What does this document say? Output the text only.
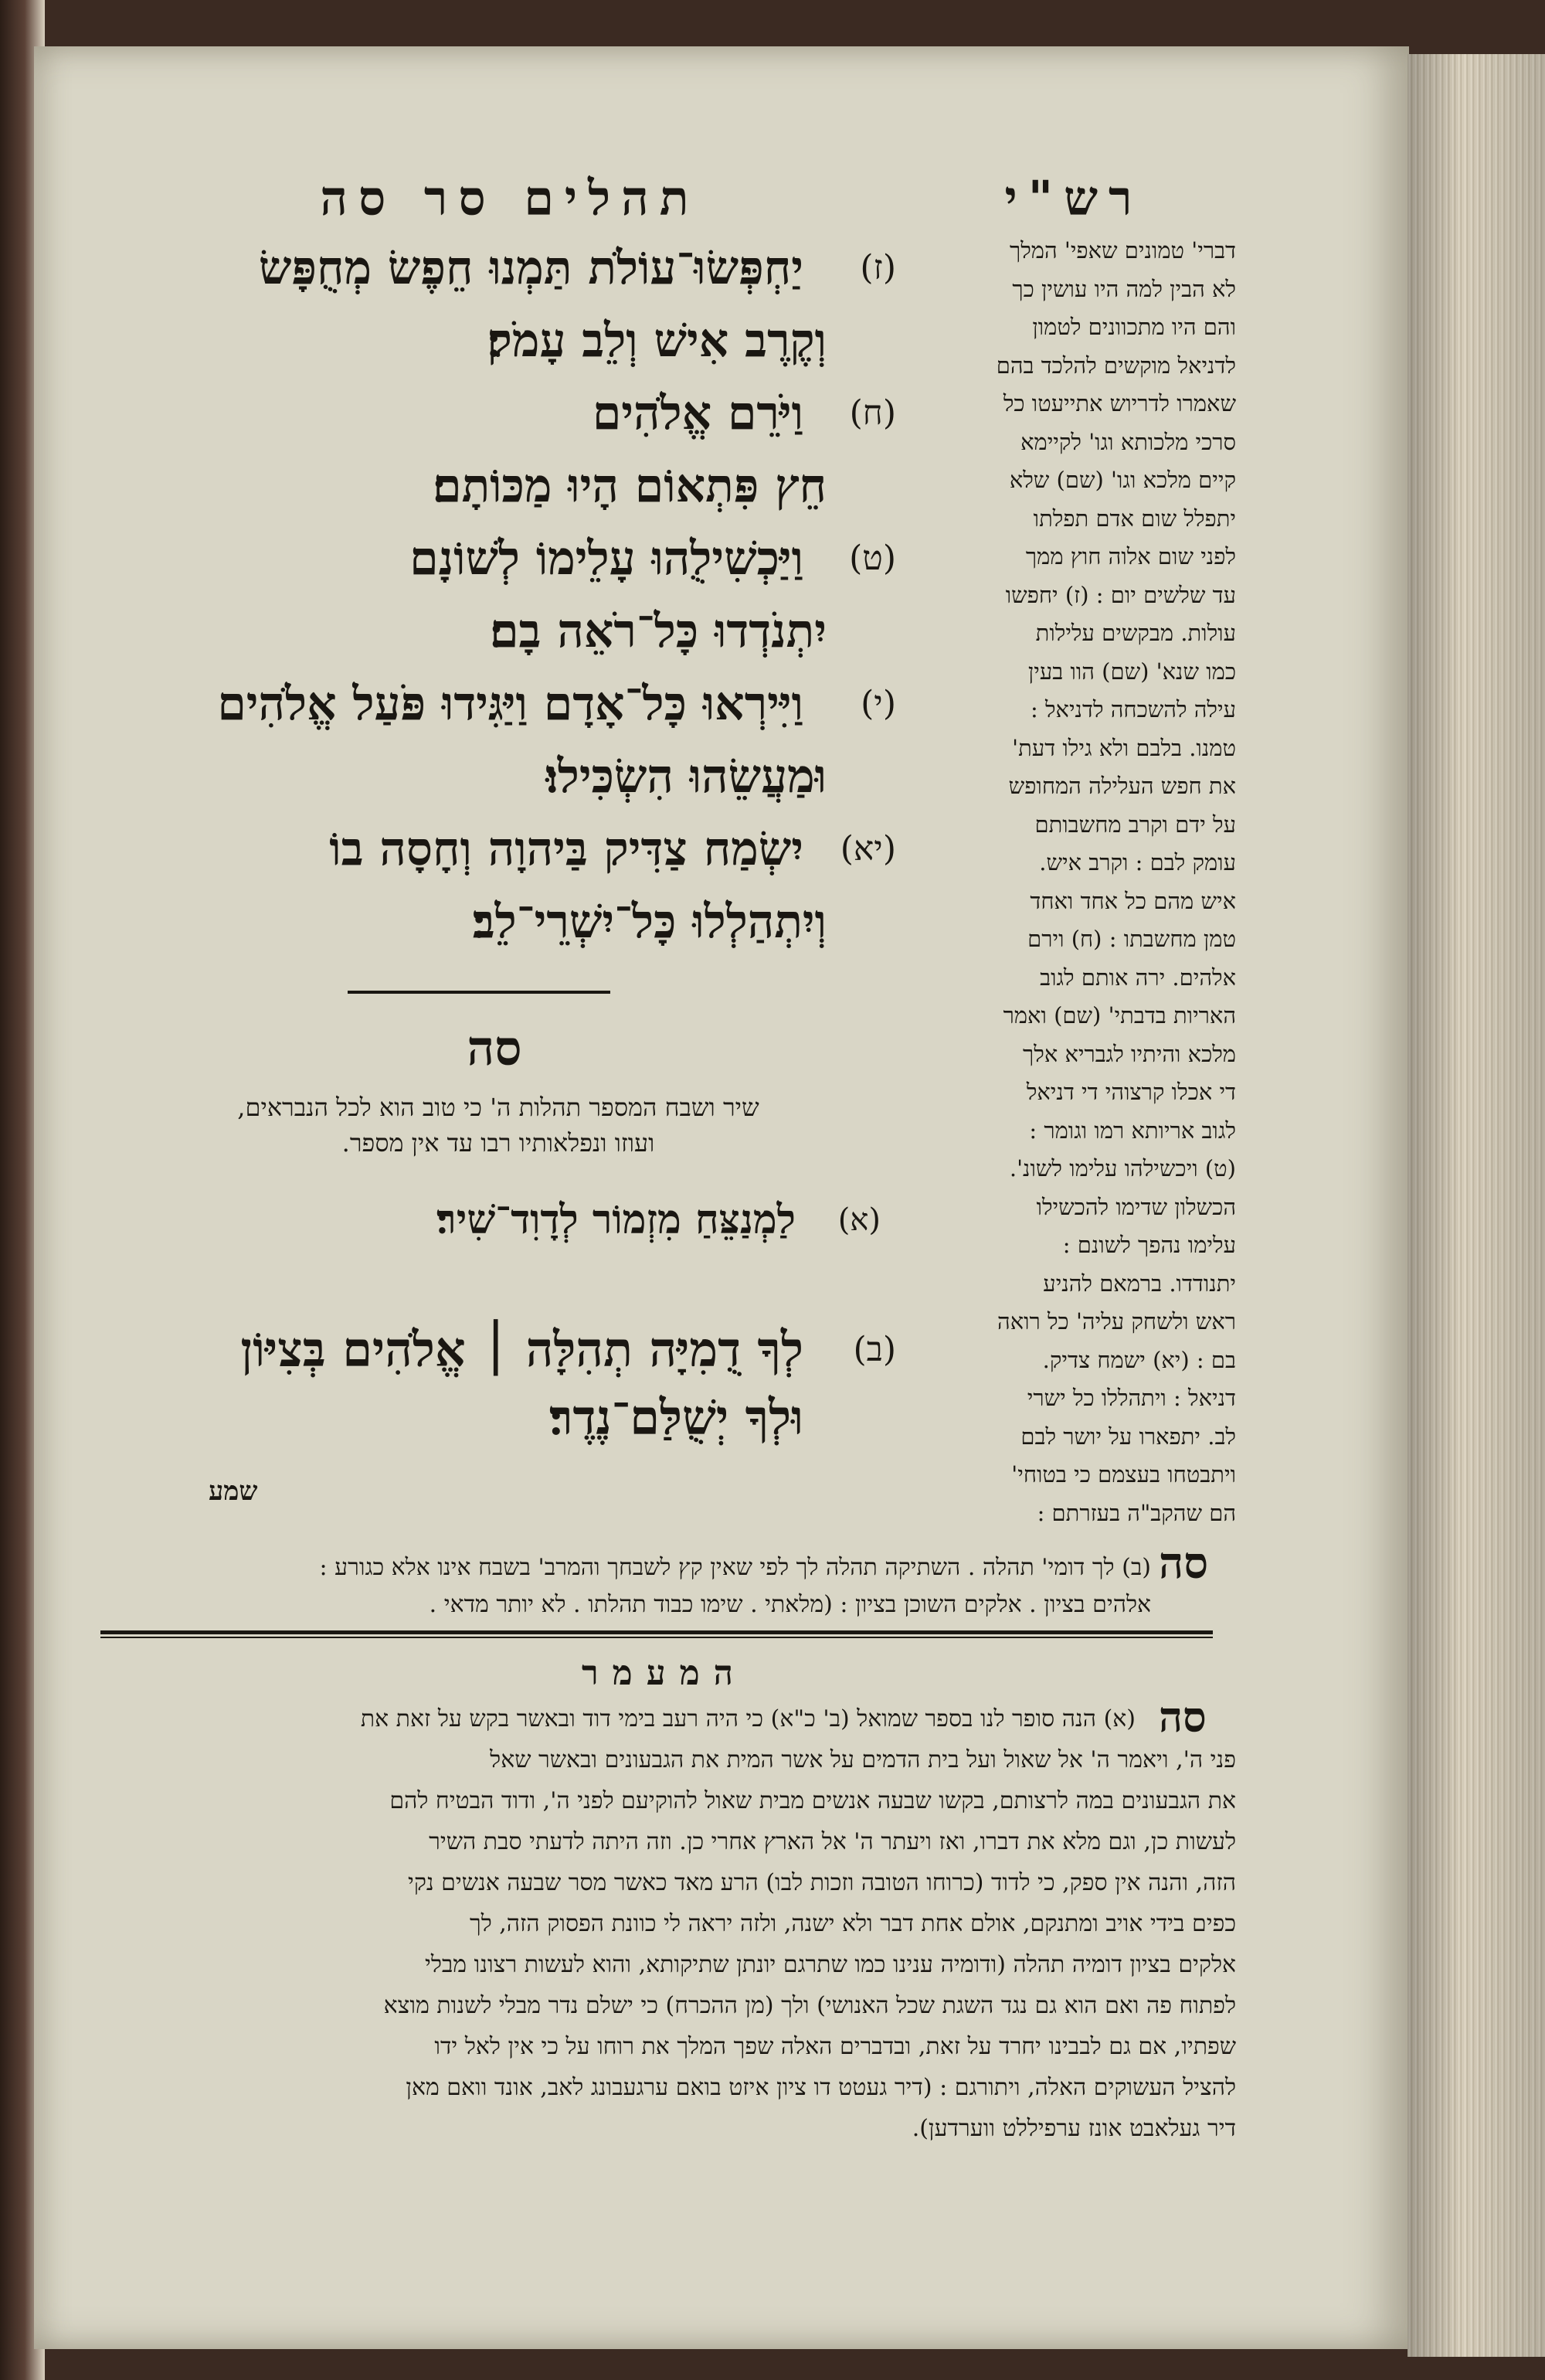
תהלים סר סה	רש"י
דברי' טמונים שאפי' המלך
לא הבין למה היו עושין כך
והם היו מתכוונים לטמון
לדניאל מוקשים להלכד בהם
שאמרו לדריוש אתייעטו כל
סרכי מלכותא וגו' לקיימא
קיים מלכא וגו' (שם) שלא
יתפלל שום אדם תפלתו
לפני שום אלוה חוץ ממך
עד שלשים יום : (ז) יחפשו
עולות. מבקשים עלילות
כמו שנא' (שם) הוו בעין
עילה להשכחה לדניאל :
טמנו. בלבם ולא גילו דעת'
את חפש העלילה המחופש
על ידם וקרב מחשבותם
עומק לבם : וקרב איש.
איש מהם כל אחד ואחד
טמן מחשבתו : (ח) וירם
אלהים. ירה אותם לגוב
האריות בדבתי' (שם) ואמר
מלכא והיתיו לגבריא אלך
די אכלו קרצוהי די דניאל
לגוב אריותא רמו וגומר :
(ט) ויכשילהו עלימו לשונ'.
הכשלון שדימו להכשילו
עלימו נהפך לשונם :
יתנודדו. ברמאם להניע
ראש ולשחק עליה' כל רואה
בם : (יא) ישמח צדיק.
דניאל : ויתהללו כל ישרי
לב. יתפארו על יושר לבם
ויתבטחו בעצמם כי בטוחי'
הם שהקב"ה בעזרתם :
(ז)
יַחְפְּשׂוּ־עוֹלֹת תַּמְנוּ חֵפֶשׂ מְחֻפָּשׂ
וְקֶרֶב אִישׁ וְלֵב עָמֹק׃
(ח)
וַיֹּרֵם אֱלֹהִים
חֵץ פִּתְאוֹם הָיוּ מַכּוֹתָם׃
(ט)
וַיַּכְשִׁילֻהוּ עָלֵימוֹ לְשׁוֹנָם
יִתְנֹדְדוּ כָּל־רֹאֵה בָם׃
(י)
וַיִּירְאוּ כָּל־אָדָם וַיַּגִּידוּ פֹּעַל אֱלֹהִים
וּמַעֲשֵׂהוּ הִשְׂכִּילוּ׃
(יא)
יִשְׂמַח צַדִּיק בַּיהוָה וְחָסָה בוֹ
וְיִתְהַלְלוּ כָּל־יִשְׁרֵי־לֵב׃
סה
שיר ושבח המספר תהלות ה' כי טוב הוא לכל הנבראים,
ועוזו ונפלאותיו רבו עד אין מספר.
(א)
לַמְנַצֵּחַ מִזְמוֹר לְדָוִד־שִׁיר׃
(ב)
לְךָ דֻמִיָּה תְהִלָּה ׀ אֱלֹהִים בְּצִיּוֹן
וּלְךָ יְשֻׁלַּם־נֶדֶר׃
שמע
סה
(ב) לך דומי' תהלה . השתיקה תהלה לך לפי שאין קץ לשבחך והמרב' בשבח אינו אלא כגורע :
אלהים בציון . אלקים השוכן בציון : (מלאתי . שימו כבוד תהלתו . לא יותר מדאי .
המעמר
סה
(א) הנה סופר לנו בספר שמואל (ב' כ"א) כי היה רעב בימי דוד ובאשר בקש על זאת את
פני ה', ויאמר ה' אל שאול ועל בית הדמים על אשר המית את הגבעונים ובאשר שאל
את הגבעונים במה לרצותם, בקשו שבעה אנשים מבית שאול להוקיעם לפני ה', ודוד הבטיח להם
לעשות כן, וגם מלא את דברו, ואז ויעתר ה' אל הארץ אחרי כן. וזה היתה לדעתי סבת השיר
הזה, והנה אין ספק, כי לדוד (כרוחו הטובה וזכות לבו) הרע מאד כאשר מסר שבעה אנשים נקי
כפים בידי אויב ומתנקם, אולם אחת דבר ולא ישנה, ולזה יראה לי כוונת הפסוק הזה, לך
אלקים בציון דומיה תהלה (ודומיה ענינו כמו שתרגם יונתן שתיקותא, והוא לעשות רצונו מבלי
לפתוח פה ואם הוא גם נגד השגת שכל האנושי) ולך (מן ההכרח) כי ישלם נדר מבלי לשנות מוצא
שפתיו, אם גם לבבינו יחרד על זאת, ובדברים האלה שפך המלך את רוחו על כי אין לאל ידו
להציל העשוקים האלה, ויתורגם : (דיר געטט דו ציון איזט בואם ערגעבונג לאב, אונד וואם מאן
דיר געלאבט אונז ערפיללט ווערדען).
